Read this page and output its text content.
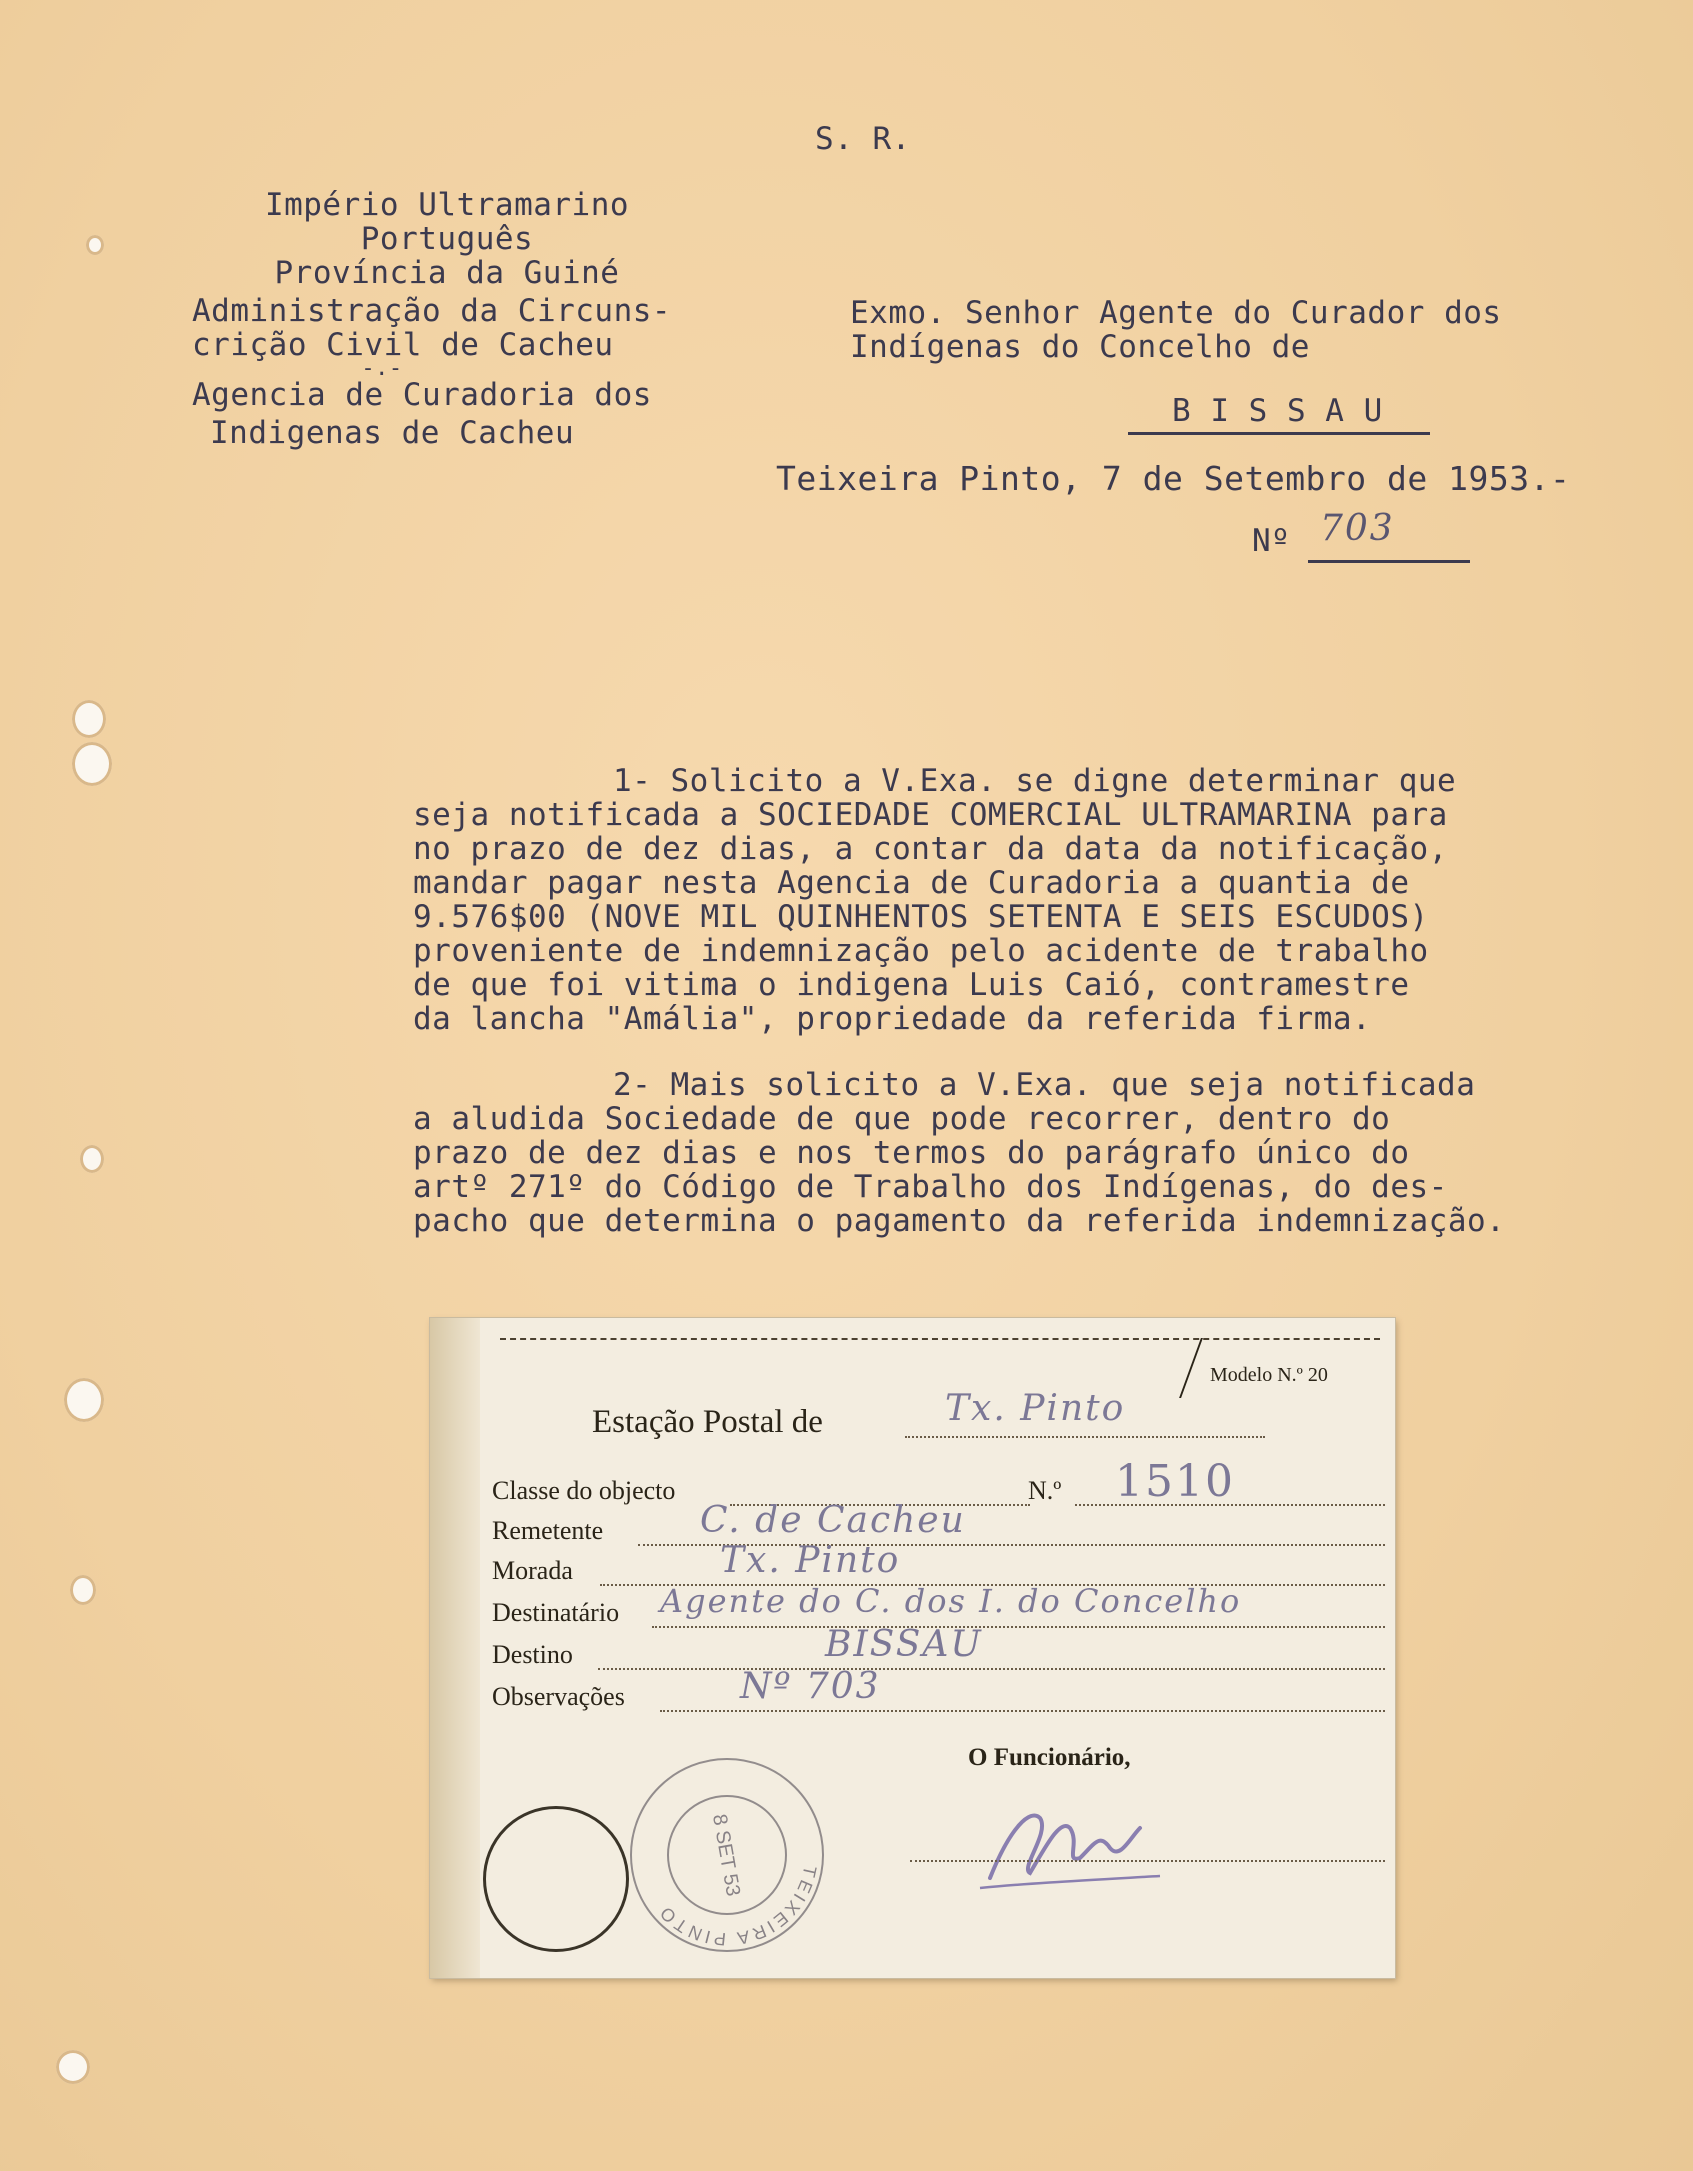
S. R.
Império Ultramarino
Português
Província da Guiné
Administração da Circuns-
crição Civil de Cacheu
-.-
Agencia de Curadoria dos
Indigenas de Cacheu
Exmo. Senhor Agente do Curador dos
Indígenas do Concelho de
B I S S A U
Teixeira Pinto, 7 de Setembro de 1953.-
Nº 703
1- Solicito a V.Exa. se digne determinar que
seja notificada a SOCIEDADE COMERCIAL ULTRAMARINA para
no prazo de dez dias, a contar da data da notificação,
mandar pagar nesta Agencia de Curadoria a quantia de
9.576$00 (NOVE MIL QUINHENTOS SETENTA E SEIS ESCUDOS)
proveniente de indemnização pelo acidente de trabalho
de que foi vitima o indigena Luis Caió, contramestre
da lancha "Amália", propriedade da referida firma.
2- Mais solicito a V.Exa. que seja notificada
a aludida Sociedade de que pode recorrer, dentro do
prazo de dez dias e nos termos do parágrafo único do
artº 271º do Código de Trabalho dos Indígenas, do des-
pacho que determina o pagamento da referida indemnização.
Modelo N.º 20
Estação Postal de	Tx. Pinto
Classe do objecto	N.º 1510
Remetente	C. de Cacheu
Morada	Tx. Pinto
Destinatário Agente do C. dos I. do Concelho
Destino	BISSAU
Observações	Nº 703
O Funcionário,
TEIXEIRA PINTO
8 SET 53
